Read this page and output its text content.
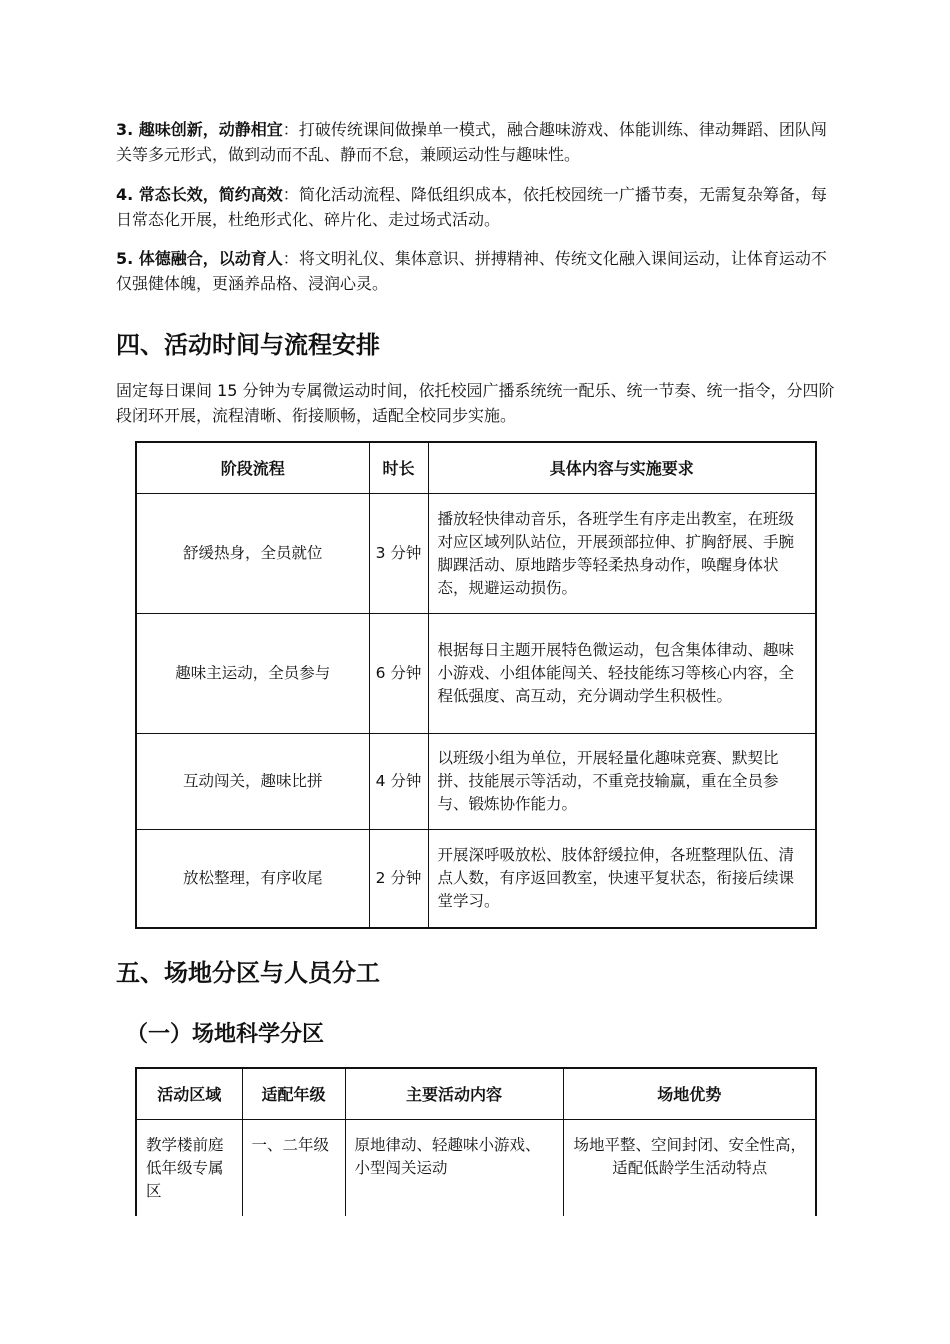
3. 趣味创新，动静相宜：打破传统课间做操单一模式，融合趣味游戏、体能训练、律动舞蹈、团队闯关等多元形式，做到动而不乱、静而不怠，兼顾运动性与趣味性。

4. 常态长效，简约高效：简化活动流程、降低组织成本，依托校园统一广播节奏，无需复杂筹备，每日常态化开展，杜绝形式化、碎片化、走过场式活动。

5. 体德融合，以动育人：将文明礼仪、集体意识、拼搏精神、传统文化融入课间运动，让体育运动不仅强健体魄，更涵养品格、浸润心灵。

四、活动时间与流程安排

固定每日课间 15 分钟为专属微运动时间，依托校园广播系统统一配乐、统一节奏、统一指令，分四阶段闭环开展，流程清晰、衔接顺畅，适配全校同步实施。

阶段流程	时长	具体内容与实施要求
舒缓热身，全员就位	3 分钟	播放轻快律动音乐，各班学生有序走出教室，在班级对应区域列队站位，开展颈部拉伸、扩胸舒展、手腕脚踝活动、原地踏步等轻柔热身动作，唤醒身体状态，规避运动损伤。
趣味主运动，全员参与	6 分钟	根据每日主题开展特色微运动，包含集体律动、趣味小游戏、小组体能闯关、轻技能练习等核心内容，全程低强度、高互动，充分调动学生积极性。
互动闯关，趣味比拼	4 分钟	以班级小组为单位，开展轻量化趣味竞赛、默契比拼、技能展示等活动，不重竞技输赢，重在全员参与、锻炼协作能力。
放松整理，有序收尾	2 分钟	开展深呼吸放松、肢体舒缓拉伸，各班整理队伍、清点人数，有序返回教室，快速平复状态，衔接后续课堂学习。
五、场地分区与人员分工
（一）场地科学分区
活动区域	适配年级	主要活动内容	场地优势
教学楼前庭低年级专属区	一、二年级	原地律动、轻趣味小游戏、小型闯关运动	场地平整、空间封闭、安全性高，适配低龄学生活动特点
